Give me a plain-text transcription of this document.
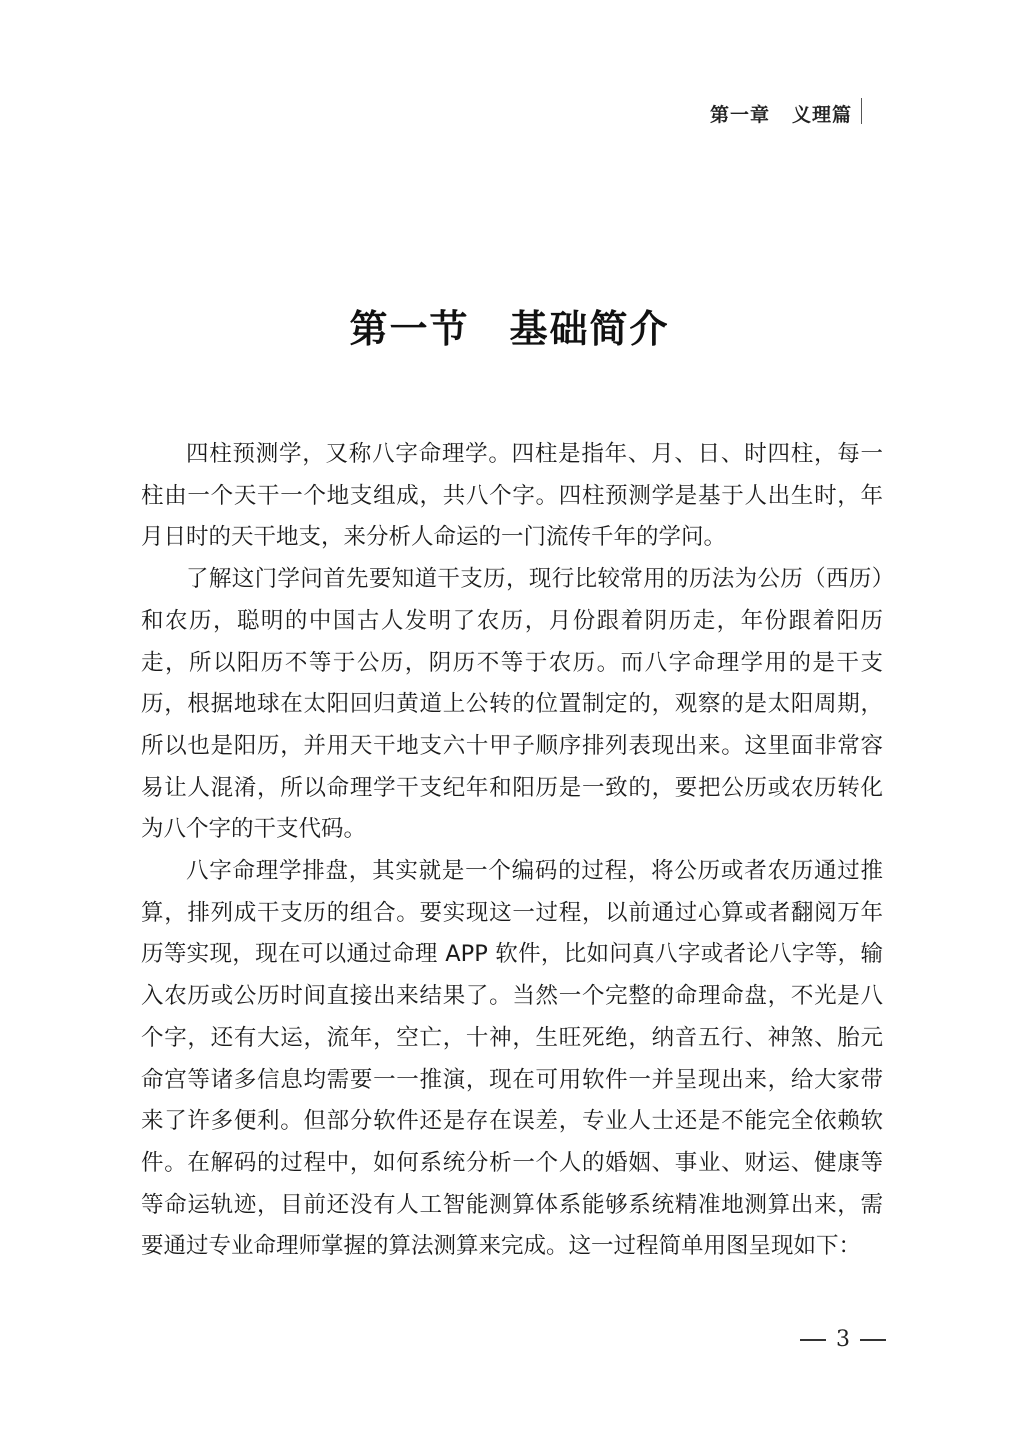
第一章 义理篇
第一节 基础简介

四柱预测学，又称八字命理学。四柱是指年、月、日、时四柱，每一柱由一个天干一个地支组成，共八个字。四柱预测学是基于人出生时，年月日时的天干地支，来分析人命运的一门流传千年的学问。

了解这门学问首先要知道干支历，现行比较常用的历法为公历（西历）和农历，聪明的中国古人发明了农历，月份跟着阴历走，年份跟着阳历走，所以阳历不等于公历，阴历不等于农历。而八字命理学用的是干支历，根据地球在太阳回归黄道上公转的位置制定的，观察的是太阳周期，所以也是阳历，并用天干地支六十甲子顺序排列表现出来。这里面非常容易让人混淆，所以命理学干支纪年和阳历是一致的，要把公历或农历转化为八个字的干支代码。

八字命理学排盘，其实就是一个编码的过程，将公历或者农历通过推算，排列成干支历的组合。要实现这一过程，以前通过心算或者翻阅万年历等实现，现在可以通过命理 APP 软件，比如问真八字或者论八字等，输入农历或公历时间直接出来结果了。当然一个完整的命理命盘，不光是八个字，还有大运，流年，空亡，十神，生旺死绝，纳音五行、神煞、胎元命宫等诸多信息均需要一一推演，现在可用软件一并呈现出来，给大家带来了许多便利。但部分软件还是存在误差，专业人士还是不能完全依赖软件。在解码的过程中，如何系统分析一个人的婚姻、事业、财运、健康等等命运轨迹，目前还没有人工智能测算体系能够系统精准地测算出来，需要通过专业命理师掌握的算法测算来完成。这一过程简单用图呈现如下：

3
